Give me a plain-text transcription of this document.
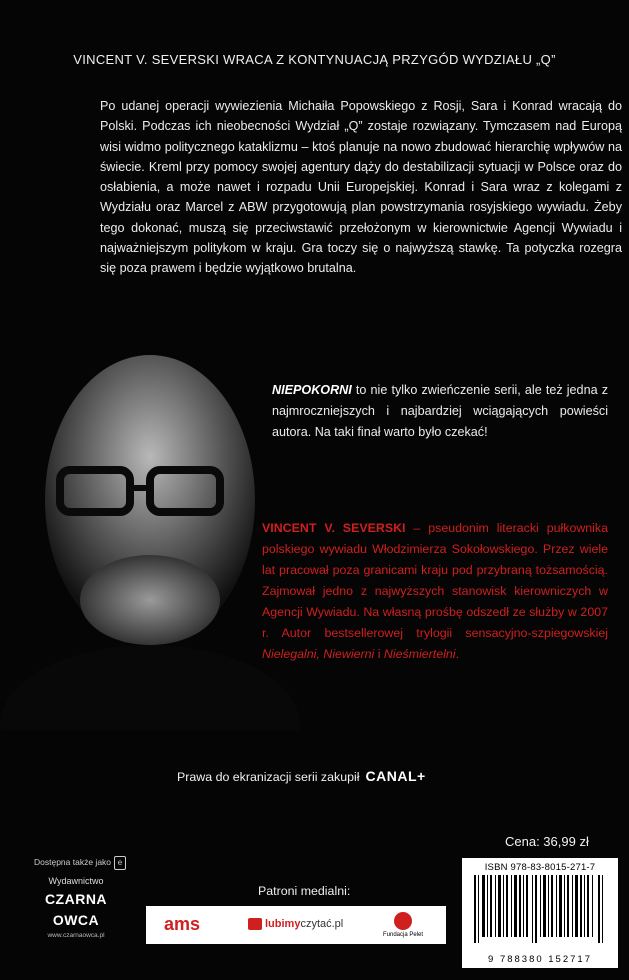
VINCENT V. SEVERSKI WRACA Z KONTYNUACJĄ PRZYGÓD WYDZIAŁU „Q”
Po udanej operacji wywiezienia Michaiła Popowskiego z Rosji, Sara i Konrad wracają do Polski. Podczas ich nieobecności Wydział „Q” zostaje rozwiązany. Tymczasem nad Europą wisi widmo politycznego kataklizmu – ktoś planuje na nowo zbudować hierarchię wpływów na świecie. Kreml przy pomocy swojej agentury dąży do destabilizacji sytuacji w Polsce oraz do osłabienia, a może nawet i rozpadu Unii Europejskiej. Konrad i Sara wraz z kolegami z Wydziału oraz Marcel z ABW przygotowują plan powstrzymania rosyjskiego wywiadu. Żeby tego dokonać, muszą się przeciwstawić przełożonym w kierownictwie Agencji Wywiadu i najważniejszym politykom w kraju. Gra toczy się o najwyższą stawkę. Ta potyczka rozegra się poza prawem i będzie wyjątkowo brutalna.
NIEPOKORNI to nie tylko zwieńczenie serii, ale też jedna z najmroczniejszych i najbardziej wciągających powieści autora. Na taki finał warto było czekać!
VINCENT V. SEVERSKI – pseudonim literacki pułkownika polskiego wywiadu Włodzimierza Sokołowskiego. Przez wiele lat pracował poza granicami kraju pod przybraną tożsamością. Zajmował jedno z najwyższych stanowisk kierowniczych w Agencji Wywiadu. Na własną prośbę odszedł ze służby w 2007 r. Autor bestsellerowej trylogii sensacyjno-szpiegowskiej Nielegalni, Niewierni i Nieśmiertelni.
Prawa do ekranizacji serii zakupił CANAL+
Cena: 36,99 zł
ISBN 978-83-8015-271-7
9 788380 152717
Dostępna także jako e
Wydawnictwo
CZARNA
OWCA
www.czarnaowca.pl
Patroni medialni:
ams	lubimyczytać.pl
Fundacja Pelet
